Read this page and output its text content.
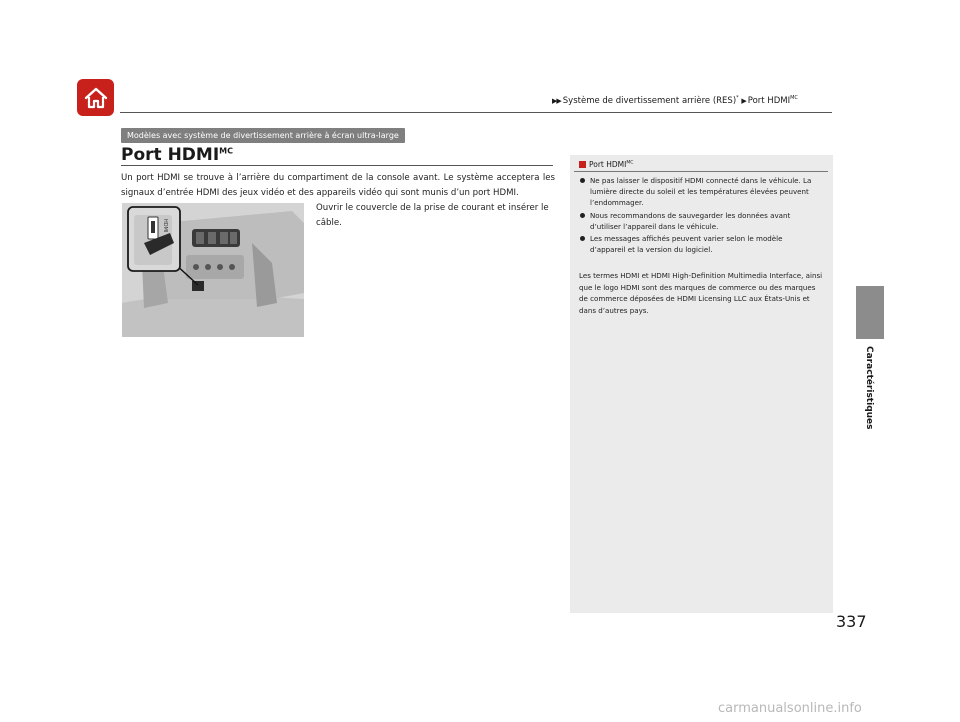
▶▶ Système de divertissement arrière (RES)* ▶ Port $HDMI^{MC}$
Caractéristiques
Modèles avec système de divertissement arrière à écran ultra-large
Port $HDMI^{MC}$
Un port HDMI se trouve à l’arrière du compartiment de la console avant. Le système acceptera les signaux d’entrée HDMI des jeux vidéo et des appareils vidéo qui sont munis d’un port HDMI.
HDMI
Ouvrir le couvercle de la prise de courant et insérer le câble.
Port $HDMI^{MC}$
Ne pas laisser le dispositif HDMI connecté dans le véhicule. La lumière directe du soleil et les températures élevées peuvent l’endommager.
Nous recommandons de sauvegarder les données avant d’utiliser l’appareil dans le véhicule.
Les messages affichés peuvent varier selon le modèle d’appareil et la version du logiciel.
Les termes HDMI et HDMI High-Definition Multimedia Interface, ainsi que le logo HDMI sont des marques de commerce ou des marques de commerce déposées de HDMI Licensing LLC aux États-Unis et dans d’autres pays.
337
carmanualsonline.info
